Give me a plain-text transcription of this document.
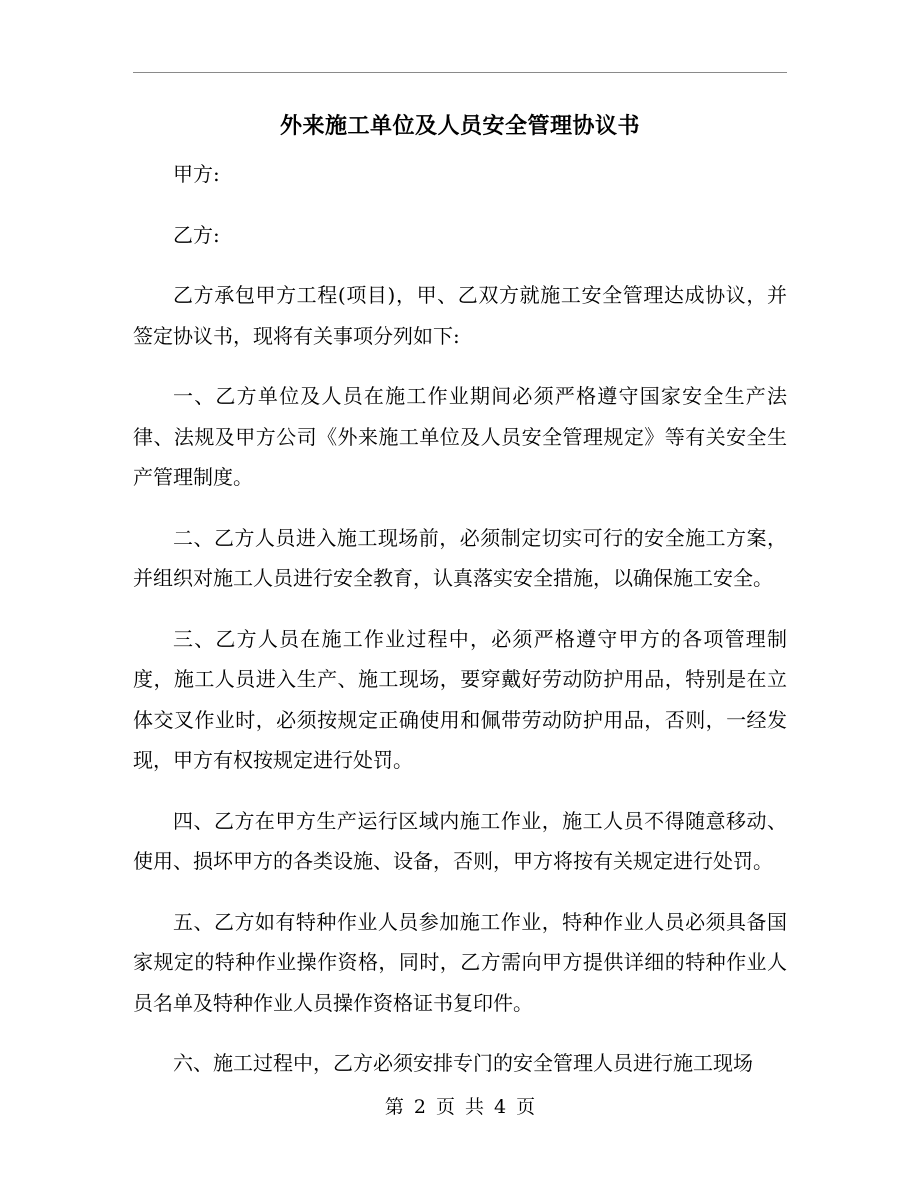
外来施工单位及人员安全管理协议书

甲方:

乙方:

乙方承包甲方工程(项目)，甲、乙双方就施工安全管理达成协议，并签定协议书，现将有关事项分列如下:

一、乙方单位及人员在施工作业期间必须严格遵守国家安全生产法律、法规及甲方公司《外来施工单位及人员安全管理规定》等有关安全生产管理制度。

二、乙方人员进入施工现场前，必须制定切实可行的安全施工方案，并组织对施工人员进行安全教育，认真落实安全措施，以确保施工安全。

三、乙方人员在施工作业过程中，必须严格遵守甲方的各项管理制度，施工人员进入生产、施工现场，要穿戴好劳动防护用品，特别是在立体交叉作业时，必须按规定正确使用和佩带劳动防护用品，否则，一经发现，甲方有权按规定进行处罚。

四、乙方在甲方生产运行区域内施工作业，施工人员不得随意移动、使用、损坏甲方的各类设施、设备，否则，甲方将按有关规定进行处罚。

五、乙方如有特种作业人员参加施工作业，特种作业人员必须具备国家规定的特种作业操作资格，同时，乙方需向甲方提供详细的特种作业人员名单及特种作业人员操作资格证书复印件。

六、施工过程中，乙方必须安排专门的安全管理人员进行施工现场

第 2 页 共 4 页
